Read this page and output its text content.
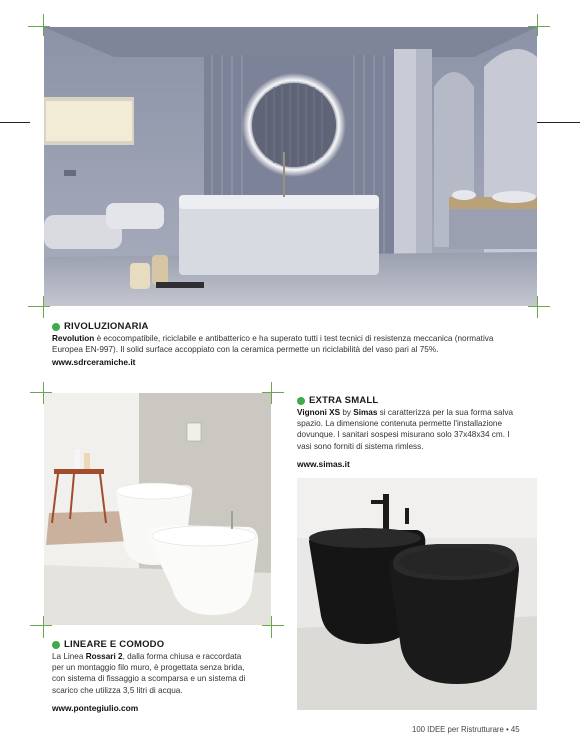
RIVOLUZIONARIA
Revolution è ecocompatibile, riciclabile e antibatterico e ha superato tutti i test tecnici di resistenza meccanica (normativa
Europea EN-997). Il solid surface accoppiato con la ceramica permette un riciclabilità del vaso pari al 75%.
www.sdrceramiche.it
EXTRA SMALL
Vignoni XS by Simas si caratterizza per la sua forma salva
spazio. La dimensione contenuta permette l'installazione
dovunque. I sanitari sospesi misurano solo 37x48x34 cm. I
vasi sono forniti di sistema rimless.
www.simas.it
LINEARE E COMODO
La Linea Rossari 2, dalla forma chiusa e raccordata
per un montaggio filo muro, è progettata senza brida,
con sistema di fissaggio a scomparsa e un sistema di
scarico che utilizza 3,5 litri di acqua.
www.pontegiulio.com
100 IDEE per Ristrutturare • 45
